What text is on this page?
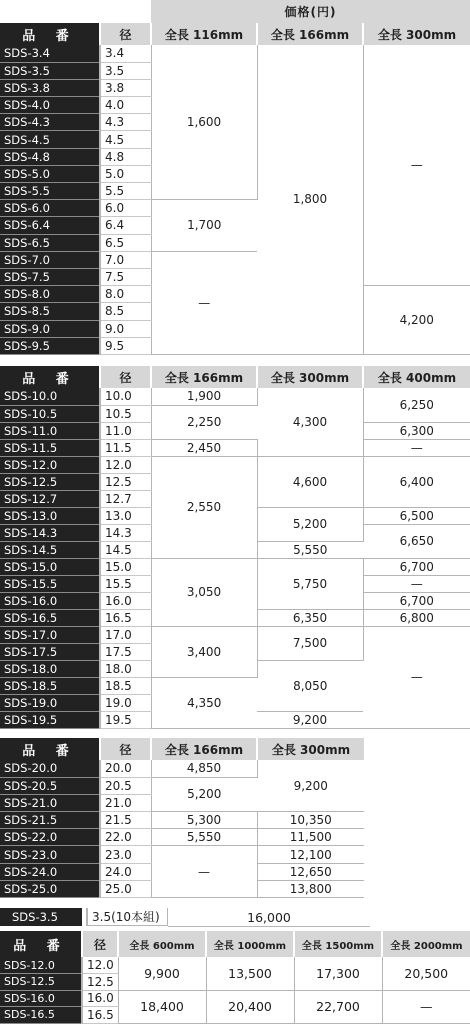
価格(円)
品 番	径	全長 116mm	全長 166mm	全長 300mm
SDS-3.4	3.4	1,600	1,800	—
SDS-3.5	3.5			
SDS-3.8	3.8			
SDS-4.0	4.0			
SDS-4.3	4.3			
SDS-4.5	4.5			
SDS-4.8	4.8			
SDS-5.0	5.0			
SDS-5.5	5.5			
SDS-6.0	6.0	1,700		
SDS-6.4	6.4			
SDS-6.5	6.5			
SDS-7.0	7.0	—		
SDS-7.5	7.5			
SDS-8.0	8.0			4,200
SDS-8.5	8.5			
SDS-9.0	9.0			
SDS-9.5	9.5			
品 番	径	全長 166mm	全長 300mm	全長 400mm
SDS-10.0	10.0	1,900	4,300	6,250
SDS-10.5	10.5	2,250		
SDS-11.0	11.0			6,300
SDS-11.5	11.5	2,450		—
SDS-12.0	12.0	2,550	4,600	6,400
SDS-12.5	12.5			
SDS-12.7	12.7			
SDS-13.0	13.0		5,200	6,500
SDS-14.3	14.3			6,650
SDS-14.5	14.5		5,550	
SDS-15.0	15.0	3,050	5,750	6,700
SDS-15.5	15.5			—
SDS-16.0	16.0			6,700
SDS-16.5	16.5		6,350	6,800
SDS-17.0	17.0	3,400	7,500	—
SDS-17.5	17.5			
SDS-18.0	18.0		8,050	
SDS-18.5	18.5	4,350		
SDS-19.0	19.0			
SDS-19.5	19.5		9,200	
品 番	径	全長 166mm	全長 300mm
SDS-20.0	20.0	4,850	9,200
SDS-20.5	20.5	5,200	
SDS-21.0	21.0		
SDS-21.5	21.5	5,300	10,350
SDS-22.0	22.0	5,550	11,500
SDS-23.0	23.0	—	12,100
SDS-24.0	24.0		12,650
SDS-25.0	25.0		13,800
SDS-3.5	3.5(10本組)	16,000
品 番	径	全長 600mm	全長 1000mm	全長 1500mm	全長 2000mm
SDS-12.0	12.0	9,900	13,500	17,300	20,500
SDS-12.5	12.5				
SDS-16.0	16.0	18,400	20,400	22,700	—
SDS-16.5	16.5				
